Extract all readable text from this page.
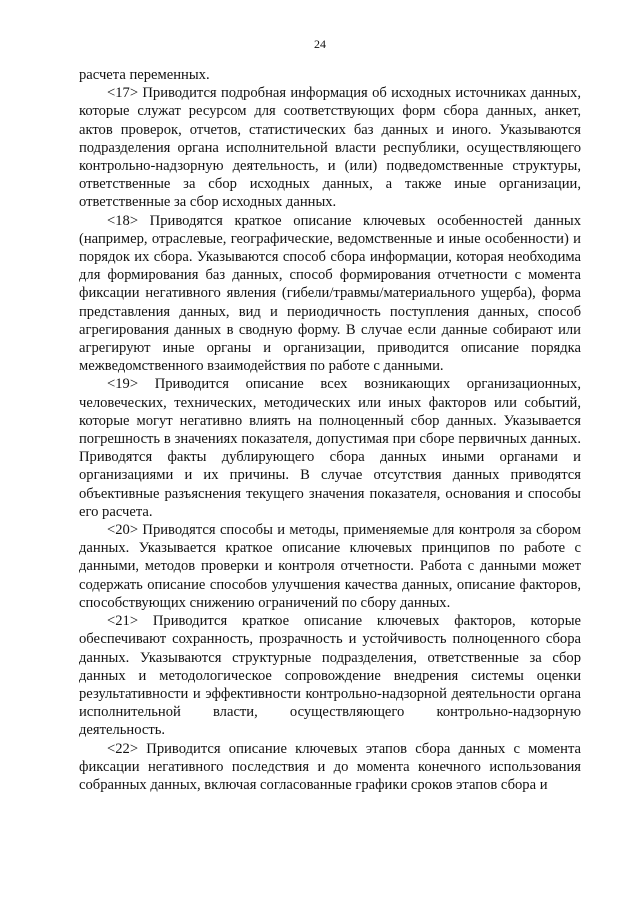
24

расчета переменных.

<17> Приводится подробная информация об исходных источниках данных, которые служат ресурсом для соответствующих форм сбора данных, анкет, актов проверок, отчетов, статистических баз данных и иного. Указываются подразделения органа исполнительной власти республики, осуществляющего контрольно-надзорную деятельность, и (или) подведомственные структуры, ответственные за сбор исходных данных, а также иные организации, ответственные за сбор исходных данных.

<18> Приводятся краткое описание ключевых особенностей данных (например, отраслевые, географические, ведомственные и иные особенности) и порядок их сбора. Указываются способ сбора информации, которая необходима для формирования баз данных, способ формирования отчетности с момента фиксации негативного явления (гибели/травмы/материального ущерба), форма представления данных, вид и периодичность поступления данных, способ агрегирования данных в сводную форму. В случае если данные собирают или агрегируют иные органы и организации, приводится описание порядка межведомственного взаимодействия по работе с данными.

<19> Приводится описание всех возникающих организационных, человеческих, технических, методических или иных факторов или событий, которые могут негативно влиять на полноценный сбор данных. Указывается погрешность в значениях показателя, допустимая при сборе первичных данных. Приводятся факты дублирующего сбора данных иными органами и организациями и их причины. В случае отсутствия данных приводятся объективные разъяснения текущего значения показателя, основания и способы его расчета.

<20> Приводятся способы и методы, применяемые для контроля за сбором данных. Указывается краткое описание ключевых принципов по работе с данными, методов проверки и контроля отчетности. Работа с данными может содержать описание способов улучшения качества данных, описание факторов, способствующих снижению ограничений по сбору данных.

<21> Приводится краткое описание ключевых факторов, которые обеспечивают сохранность, прозрачность и устойчивость полноценного сбора данных. Указываются структурные подразделения, ответственные за сбор данных и методологическое сопровождение внедрения системы оценки результативности и эффективности контрольно-надзорной деятельности органа исполнительной власти, осуществляющего контрольно-надзорную деятельность.

<22> Приводится описание ключевых этапов сбора данных с момента фиксации негативного последствия и до момента конечного использования собранных данных, включая согласованные графики сроков этапов сбора и
